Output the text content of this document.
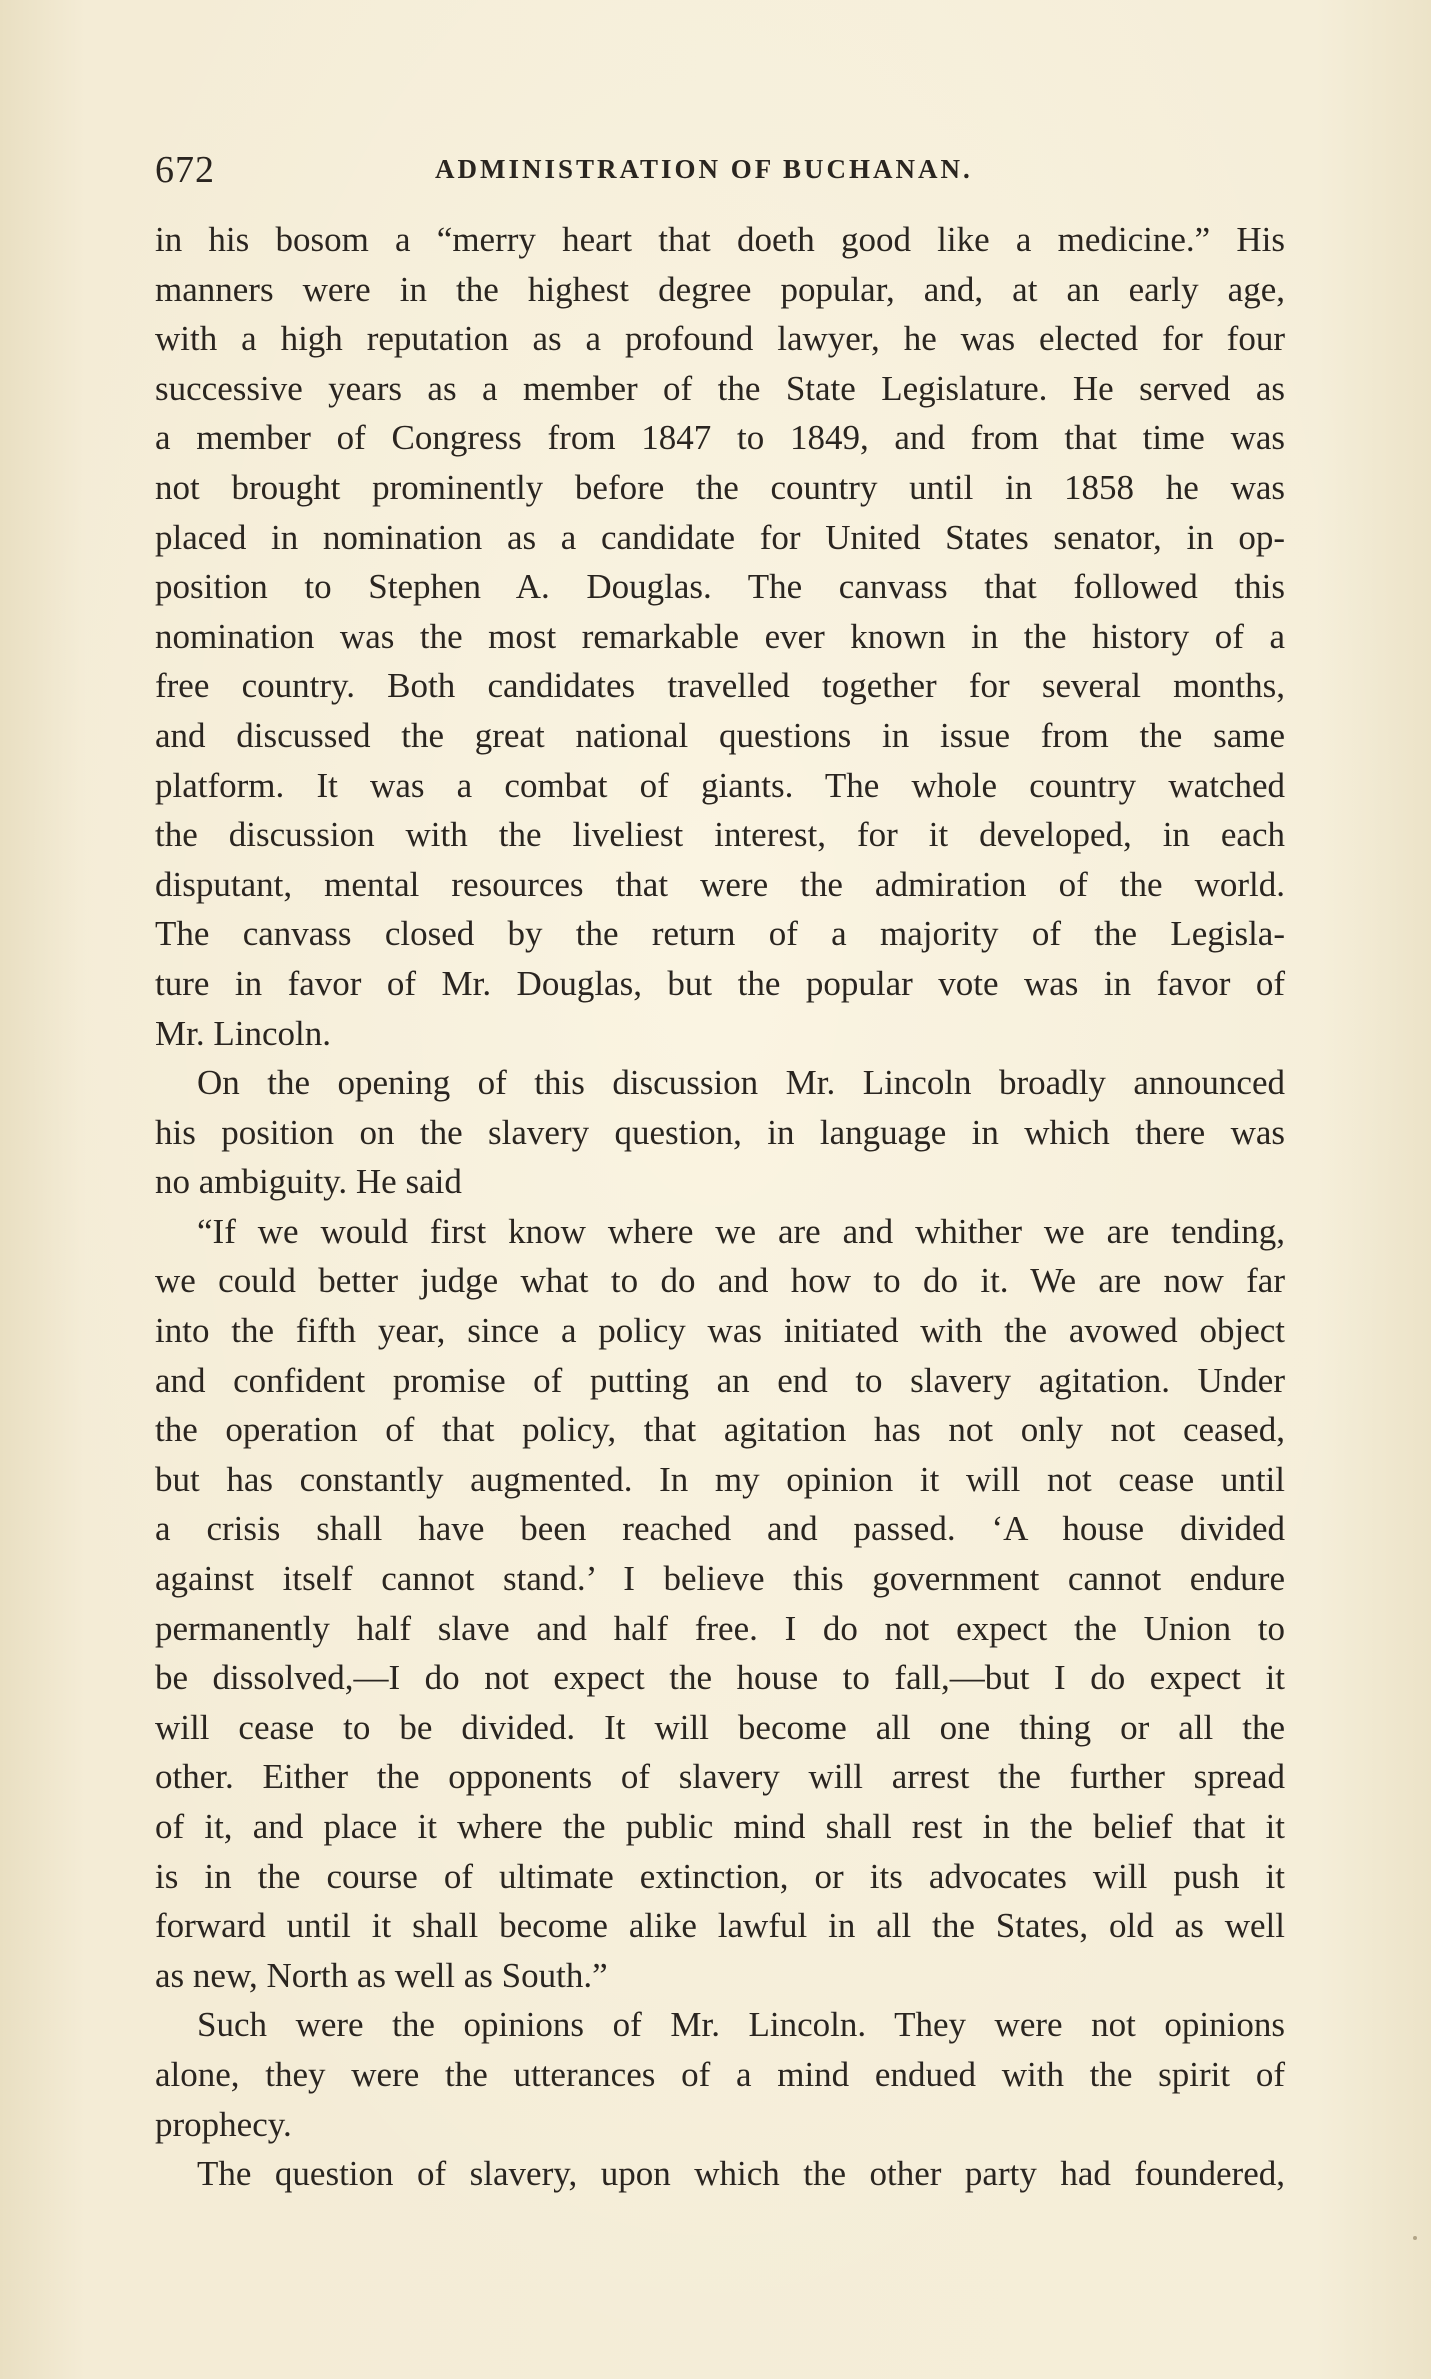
672	ADMINISTRATION OF BUCHANAN.
in his bosom a “merry heart that doeth good like a medicine.” His
manners were in the highest degree popular, and, at an early age,
with a high reputation as a profound lawyer, he was elected for four
successive years as a member of the State Legislature. He served as
a member of Congress from 1847 to 1849, and from that time was
not brought prominently before the country until in 1858 he was
placed in nomination as a candidate for United States senator, in op-
position to Stephen A. Douglas. The canvass that followed this
nomination was the most remarkable ever known in the history of a
free country. Both candidates travelled together for several months,
and discussed the great national questions in issue from the same
platform. It was a combat of giants. The whole country watched
the discussion with the liveliest interest, for it developed, in each
disputant, mental resources that were the admiration of the world.
The canvass closed by the return of a majority of the Legisla-
ture in favor of Mr. Douglas, but the popular vote was in favor of
Mr. Lincoln.
On the opening of this discussion Mr. Lincoln broadly announced
his position on the slavery question, in language in which there was
no ambiguity. He said
“If we would first know where we are and whither we are tending,
we could better judge what to do and how to do it. We are now far
into the fifth year, since a policy was initiated with the avowed object
and confident promise of putting an end to slavery agitation. Under
the operation of that policy, that agitation has not only not ceased,
but has constantly augmented. In my opinion it will not cease until
a crisis shall have been reached and passed. ‘A house divided
against itself cannot stand.’ I believe this government cannot endure
permanently half slave and half free. I do not expect the Union to
be dissolved,—I do not expect the house to fall,—but I do expect it
will cease to be divided. It will become all one thing or all the
other. Either the opponents of slavery will arrest the further spread
of it, and place it where the public mind shall rest in the belief that it
is in the course of ultimate extinction, or its advocates will push it
forward until it shall become alike lawful in all the States, old as well
as new, North as well as South.”
Such were the opinions of Mr. Lincoln. They were not opinions
alone, they were the utterances of a mind endued with the spirit of
prophecy.
The question of slavery, upon which the other party had foundered,
